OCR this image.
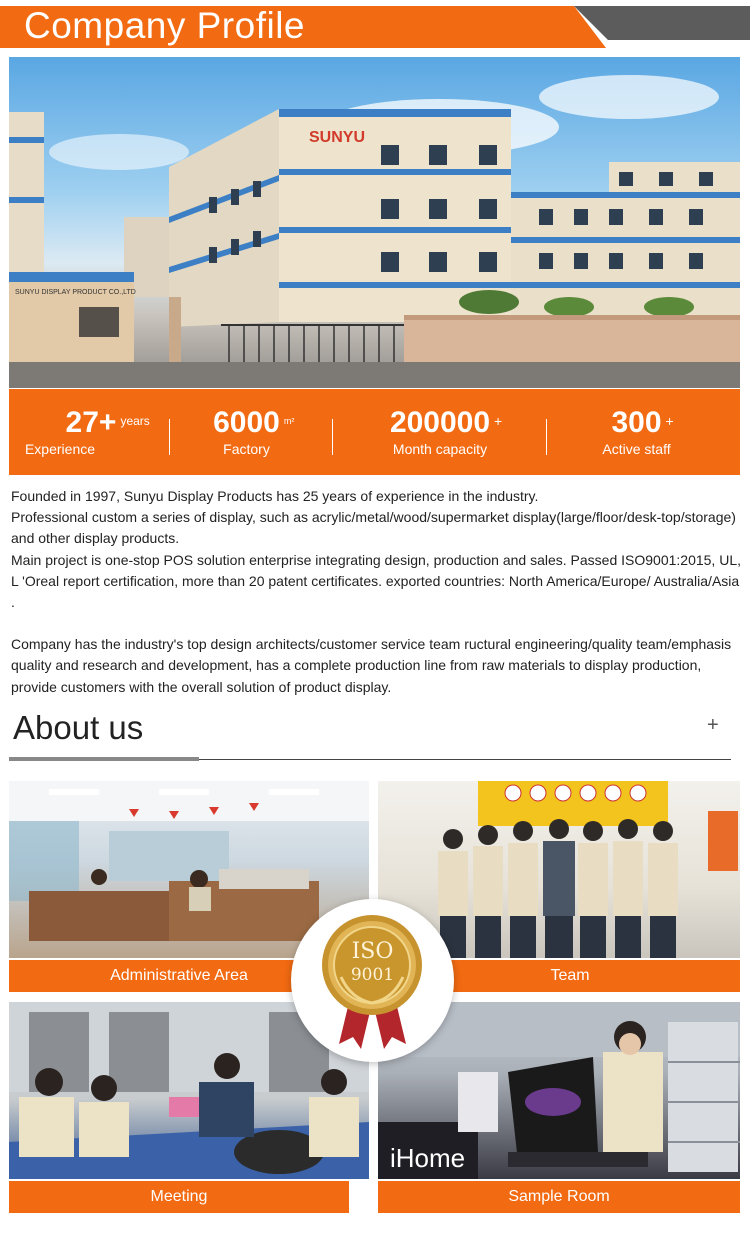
Company Profile
SUNYU
SUNYU DISPLAY PRODUCT CO.,LTD
27+ years
Experience
6000 m²
Factory
200000 +
Month capacity
300 +
Active staff

Founded in 1997, Sunyu Display Products has 25 years of experience in the industry.

Professional custom a series of display, such as acrylic/metal/wood/supermarket display(large/floor/desk-top/storage) and other display products.

Main project is one-stop POS solution enterprise integrating design, production and sales. Passed ISO9001:2015, UL, L 'Oreal report certification, more than 20 patent certificates. exported countries: North America/Europe/ Australia/Asia .

Company has the industry's top design architects/customer service team ructural engineering/quality team/emphasis quality and research and development, has a complete production line from raw materials to display production, provide customers with the overall solution of product display.

About us	+
Administrative Area	Team
Meeting
iHome
Sample Room
ISO
9001
